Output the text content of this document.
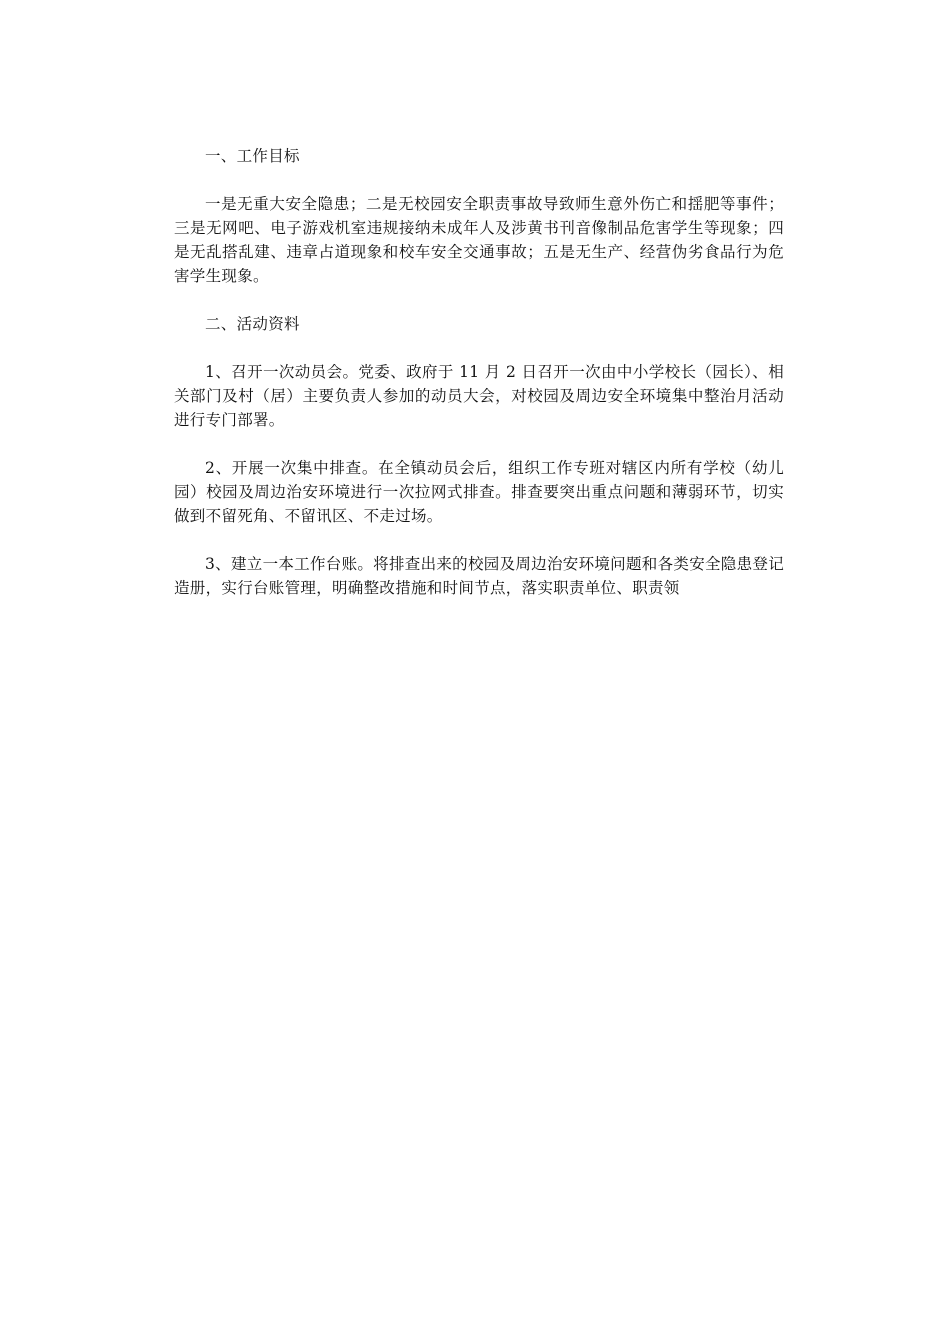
一、工作目标

一是无重大安全隐患；二是无校园安全职责事故导致师生意外伤亡和揺肥等事件；三是无网吧、电子游戏机室违规接纳未成年人及涉黄书刊音像制品危害学生等现象；四是无乱搭乱建、违章占道现象和校车安全交通事故；五是无生产、经营伪劣食品行为危害学生现象。

二、活动资料

1、召开一次动员会。党委、政府于 11 月 2 日召开一次由中小学校长（园长）、相关部门及村（居）主要负责人参加的动员大会，对校园及周边安全环境集中整治月活动进行专门部署。

2、开展一次集中排查。在全镇动员会后，组织工作专班对辖区内所有学校（幼儿园）校园及周边治安环境进行一次拉网式排查。排查要突出重点问题和薄弱环节，切实做到不留死角、不留讯区、不走过场。

3、建立一本工作台账。将排查出来的校园及周边治安环境问题和各类安全隐患登记造册，实行台账管理，明确整改措施和时间节点，落实职责单位、职责领
